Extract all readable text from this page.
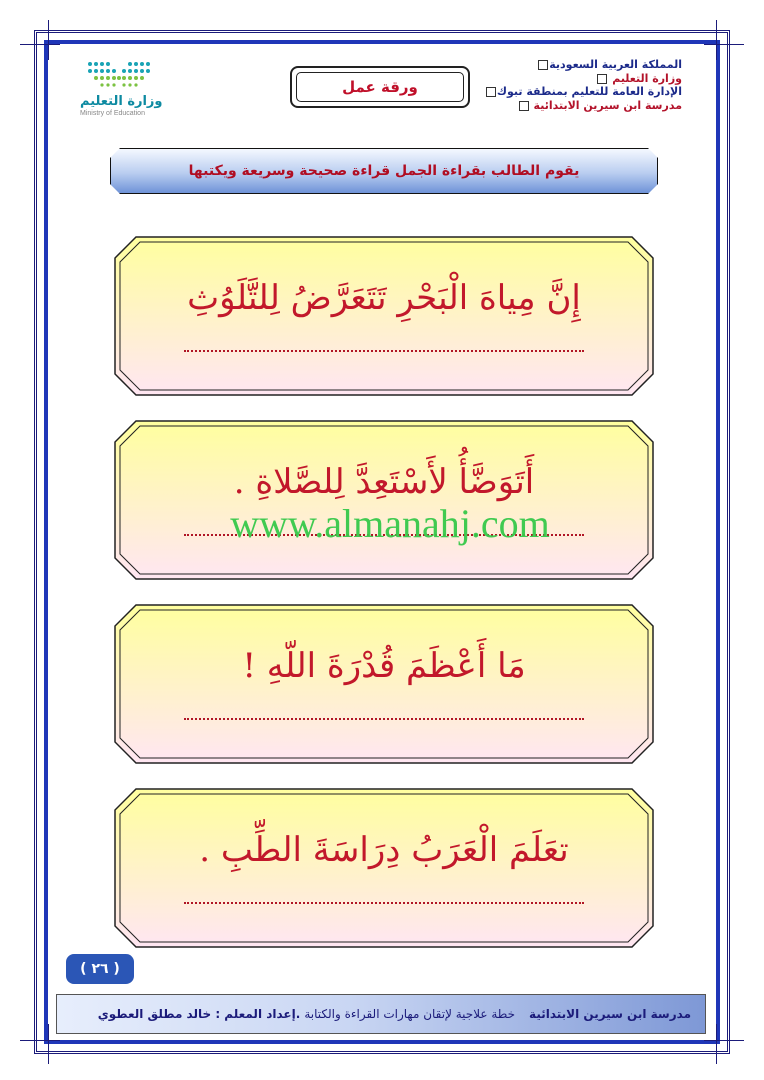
المملكة العربية السعودية
وزارة التعليم
الإدارة العامة للتعليم بمنطقة تبوك
مدرسة ابن سيرين الابتدائية
وزارة التعليم
Ministry of Education
ورقة عمل
يقوم الطالب بقراءة الجمل قراءة صحيحة وسريعة ويكتبها
إِنَّ مِياهَ الْبَحْرِ تَتَعَرَّضُ لِلتَّلَوُثِ
أَتَوَضَّأُ لأَسْتَعِدَّ لِلصَّلاةِ .
مَا أَعْظَمَ قُدْرَةَ اللّهِ !
تعَلَمَ الْعَرَبُ دِرَاسَةَ الطِّبِ .
www.almanahj.com
( ٢٦ )
مدرسة ابن سيرين الابتدائية
خطة علاجية لإتقان مهارات القراءة والكتابة
.إعداد المعلم : خالد مطلق العطوي
